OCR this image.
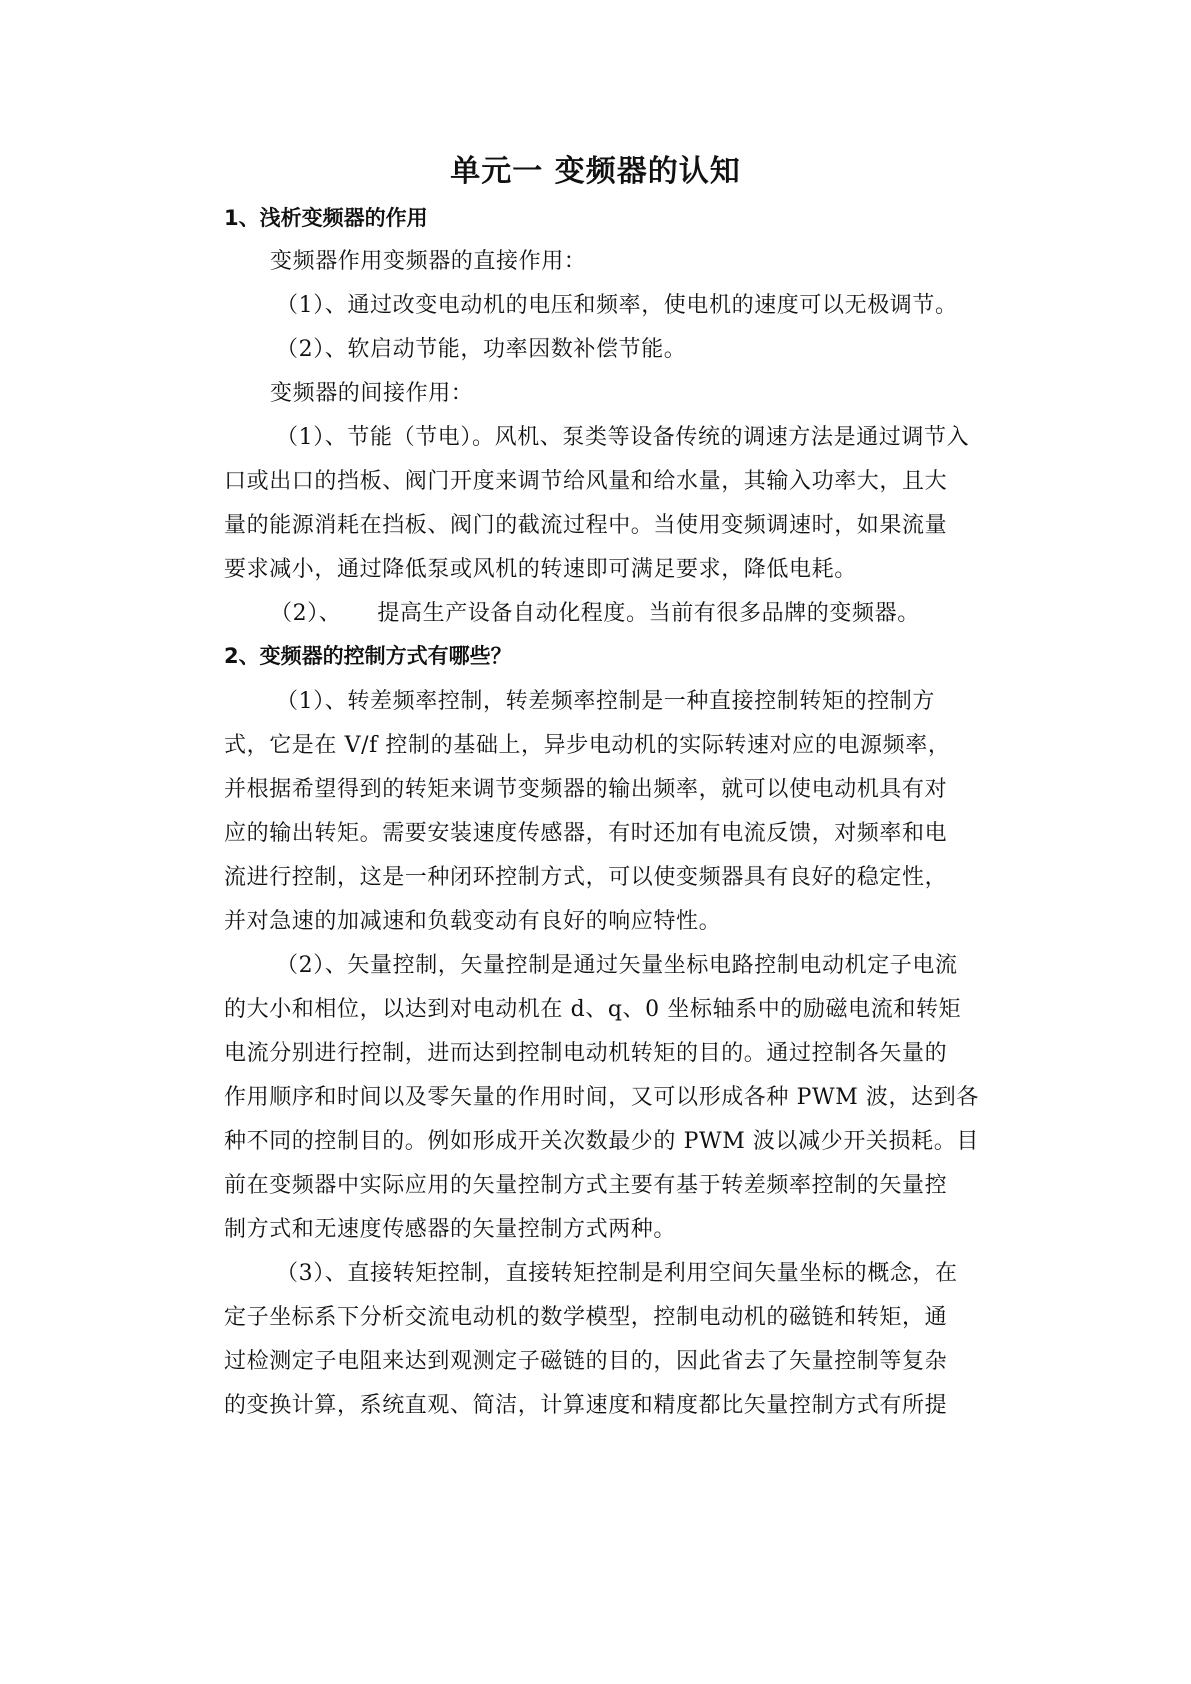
单元一 变频器的认知
1、浅析变频器的作用
变频器作用变频器的直接作用：
（1）、通过改变电动机的电压和频率，使电机的速度可以无极调节。
（2）、软启动节能，功率因数补偿节能。
变频器的间接作用：
（1）、节能（节电）。风机、泵类等设备传统的调速方法是通过调节入
口或出口的挡板、阀门开度来调节给风量和给水量，其输入功率大，且大
量的能源消耗在挡板、阀门的截流过程中。当使用变频调速时，如果流量
要求减小，通过降低泵或风机的转速即可满足要求，降低电耗。
（2）、 提高生产设备自动化程度。当前有很多品牌的变频器。
2、变频器的控制方式有哪些？
（1）、转差频率控制，转差频率控制是一种直接控制转矩的控制方
式，它是在 V/f 控制的基础上，异步电动机的实际转速对应的电源频率，
并根据希望得到的转矩来调节变频器的输出频率，就可以使电动机具有对
应的输出转矩。需要安装速度传感器，有时还加有电流反馈，对频率和电
流进行控制，这是一种闭环控制方式，可以使变频器具有良好的稳定性，
并对急速的加减速和负载变动有良好的响应特性。
（2）、矢量控制，矢量控制是通过矢量坐标电路控制电动机定子电流
的大小和相位，以达到对电动机在 d、q、0 坐标轴系中的励磁电流和转矩
电流分别进行控制，进而达到控制电动机转矩的目的。通过控制各矢量的
作用顺序和时间以及零矢量的作用时间，又可以形成各种 PWM 波，达到各
种不同的控制目的。例如形成开关次数最少的 PWM 波以减少开关损耗。目
前在变频器中实际应用的矢量控制方式主要有基于转差频率控制的矢量控
制方式和无速度传感器的矢量控制方式两种。
（3）、直接转矩控制，直接转矩控制是利用空间矢量坐标的概念，在
定子坐标系下分析交流电动机的数学模型，控制电动机的磁链和转矩，通
过检测定子电阻来达到观测定子磁链的目的，因此省去了矢量控制等复杂
的变换计算，系统直观、简洁，计算速度和精度都比矢量控制方式有所提
